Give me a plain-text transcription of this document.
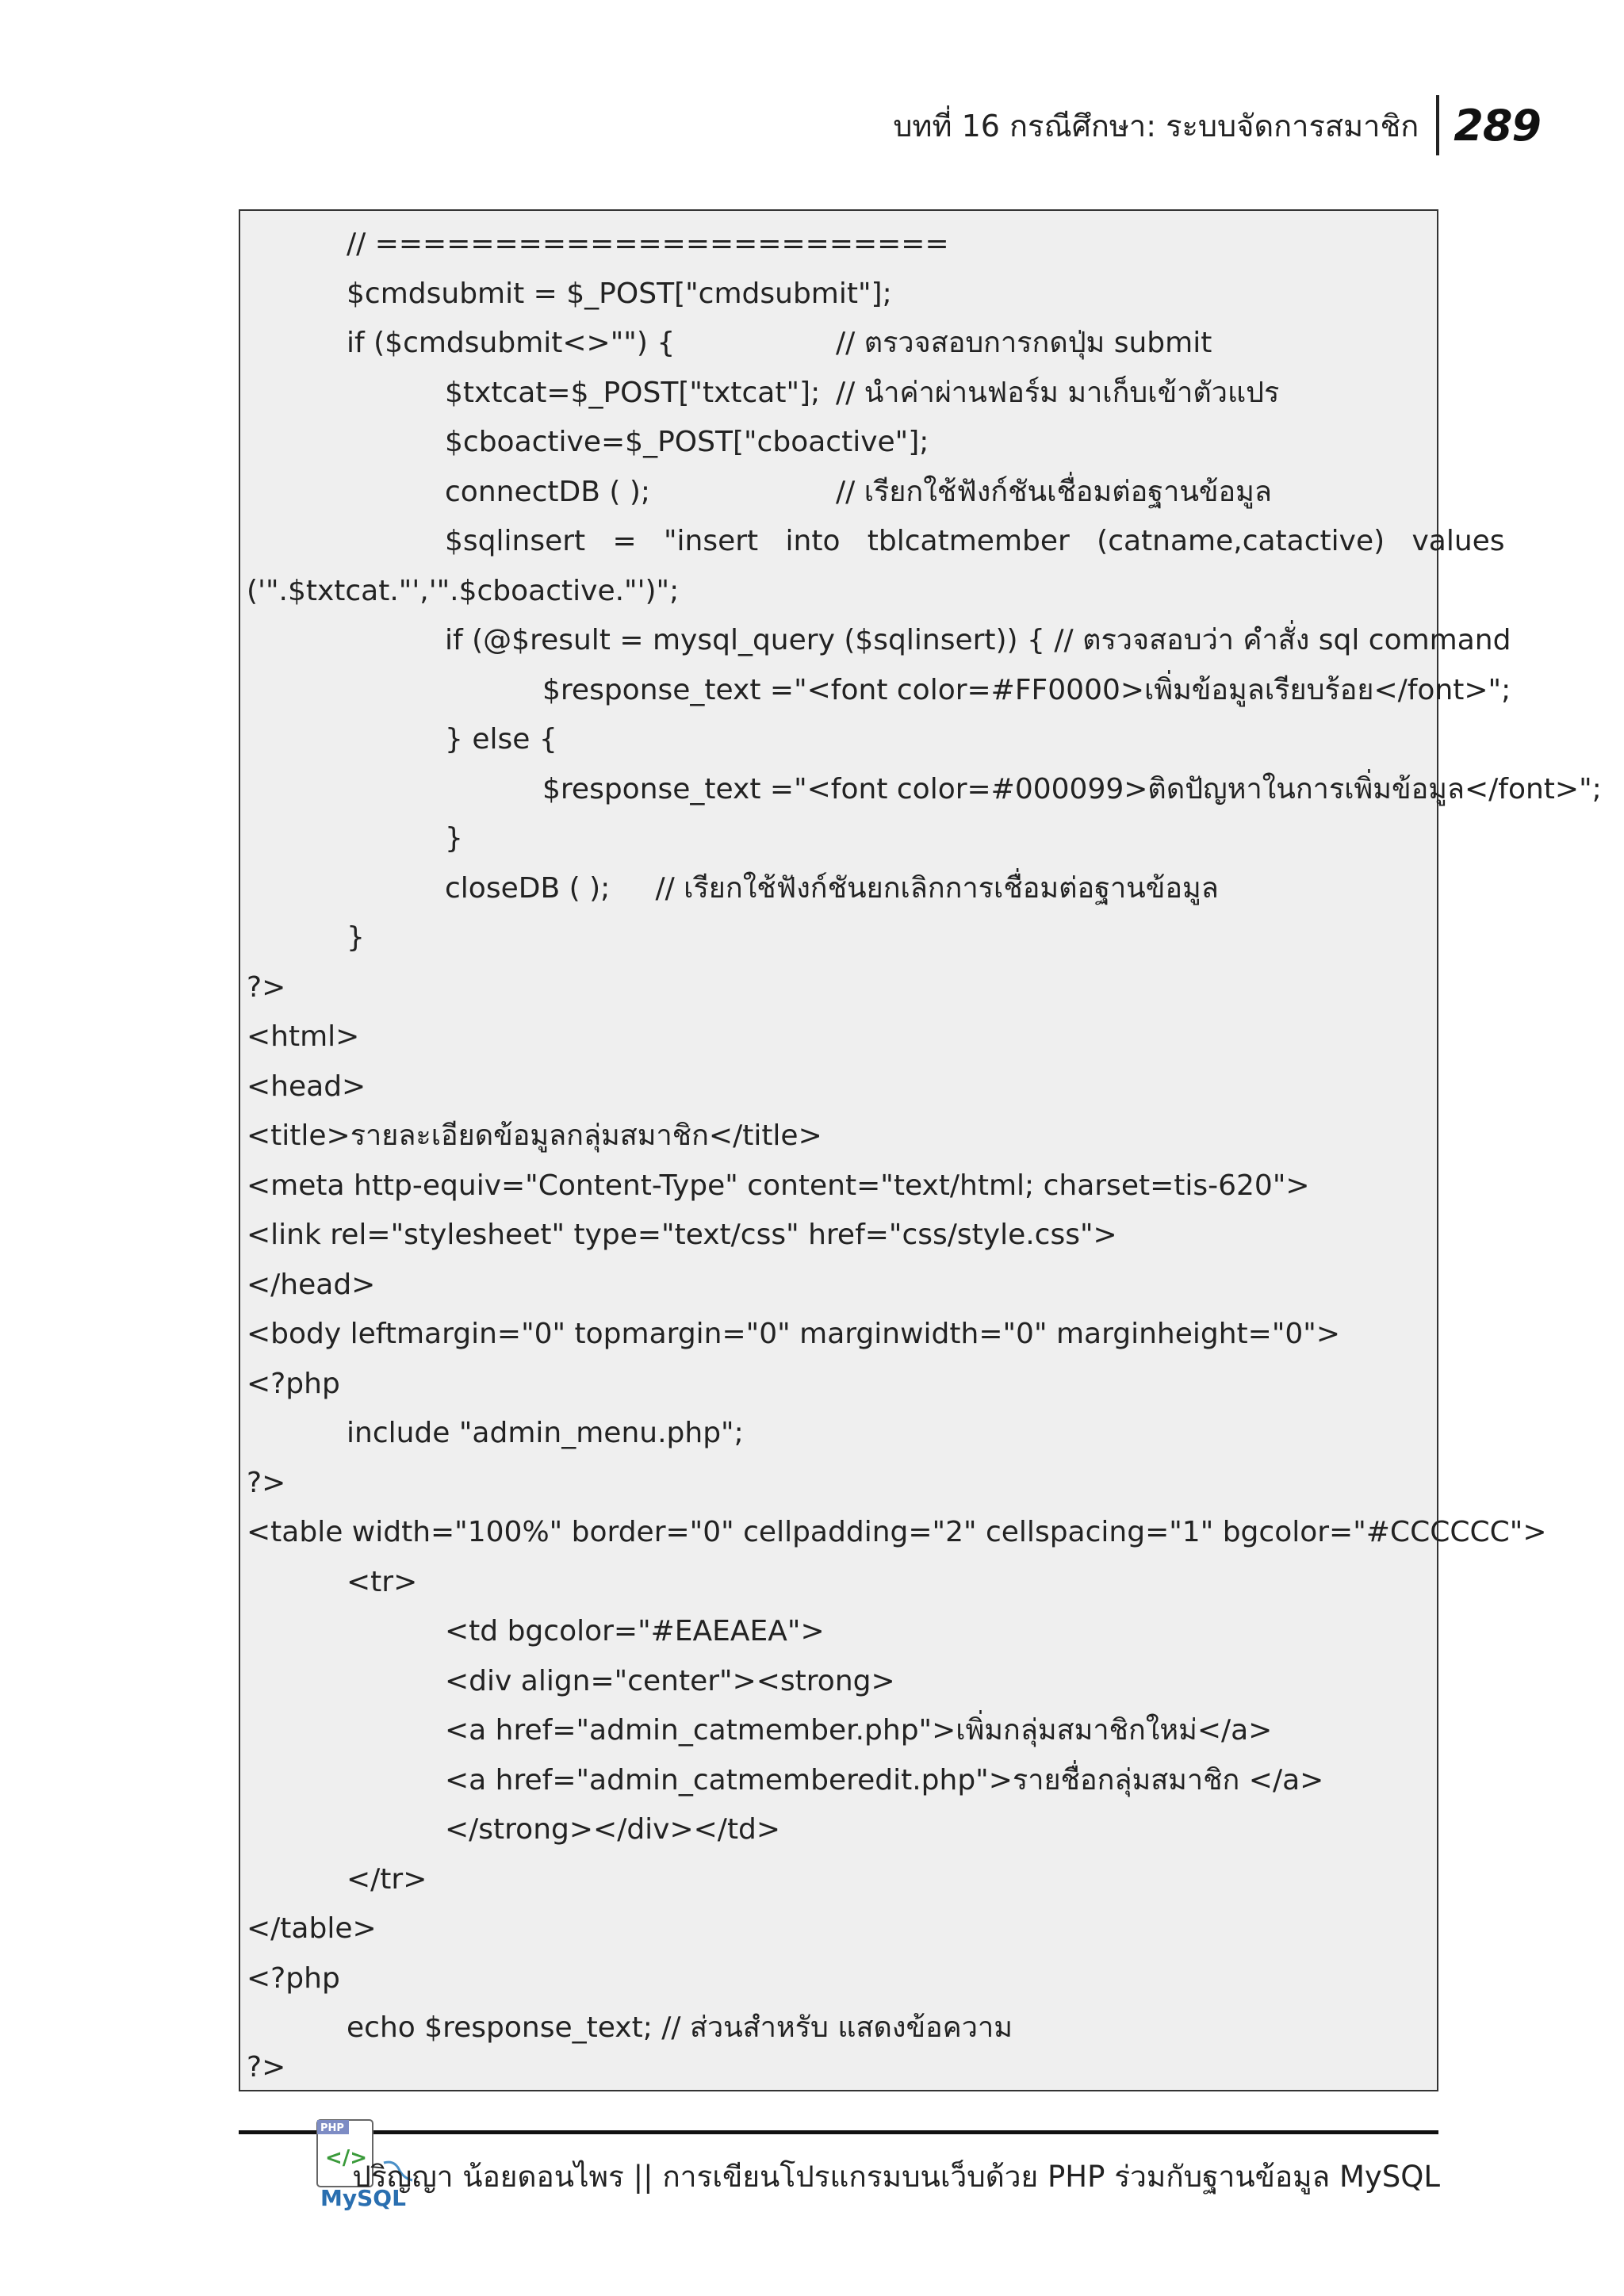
บทที่ 16 กรณีศึกษา: ระบบจัดการสมาชิก 289
// ========================
$cmdsubmit = $_POST["cmdsubmit"];
if ($cmdsubmit<>"") {	// ตรวจสอบการกดปุ่ม submit
$txtcat=$_POST["txtcat"]; // นำค่าผ่านฟอร์ม มาเก็บเข้าตัวแปร
$cboactive=$_POST["cboactive"];
connectDB ( );	// เรียกใช้ฟังก์ชันเชื่อมต่อฐานข้อมูล
$sqlinsert   =   "insert   into   tblcatmember   (catname,catactive)   values
('".$txtcat."','".$cboactive."')";
if (@$result = mysql_query ($sqlinsert)) { // ตรวจสอบว่า คำสั่ง sql command
$response_text ="<font color=#FF0000>เพิ่มข้อมูลเรียบร้อย</font>";
} else {
$response_text ="<font color=#000099>ติดปัญหาในการเพิ่มข้อมูล</font>";
}
closeDB ( );     // เรียกใช้ฟังก์ชันยกเลิกการเชื่อมต่อฐานข้อมูล
}
?>
<html>
<head>
<title>รายละเอียดข้อมูลกลุ่มสมาชิก</title>
<meta http-equiv="Content-Type" content="text/html; charset=tis-620">
<link rel="stylesheet" type="text/css" href="css/style.css">
</head>
<body leftmargin="0" topmargin="0" marginwidth="0" marginheight="0">
<?php
include "admin_menu.php";
?>
<table width="100%" border="0" cellpadding="2" cellspacing="1" bgcolor="#CCCCCC">
<tr>
<td bgcolor="#EAEAEA">
<div align="center"><strong>
<a href="admin_catmember.php">เพิ่มกลุ่มสมาชิกใหม่</a>
<a href="admin_catmemberedit.php">รายชื่อกลุ่มสมาชิก </a>
</strong></div></td>
</tr>
</table>
<?php
echo $response_text; // ส่วนสำหรับ แสดงข้อความ
?>
PHP
</>
MySQL
ปริญญา น้อยดอนไพร || การเขียนโปรแกรมบนเว็บด้วย PHP ร่วมกับฐานข้อมูล MySQL
